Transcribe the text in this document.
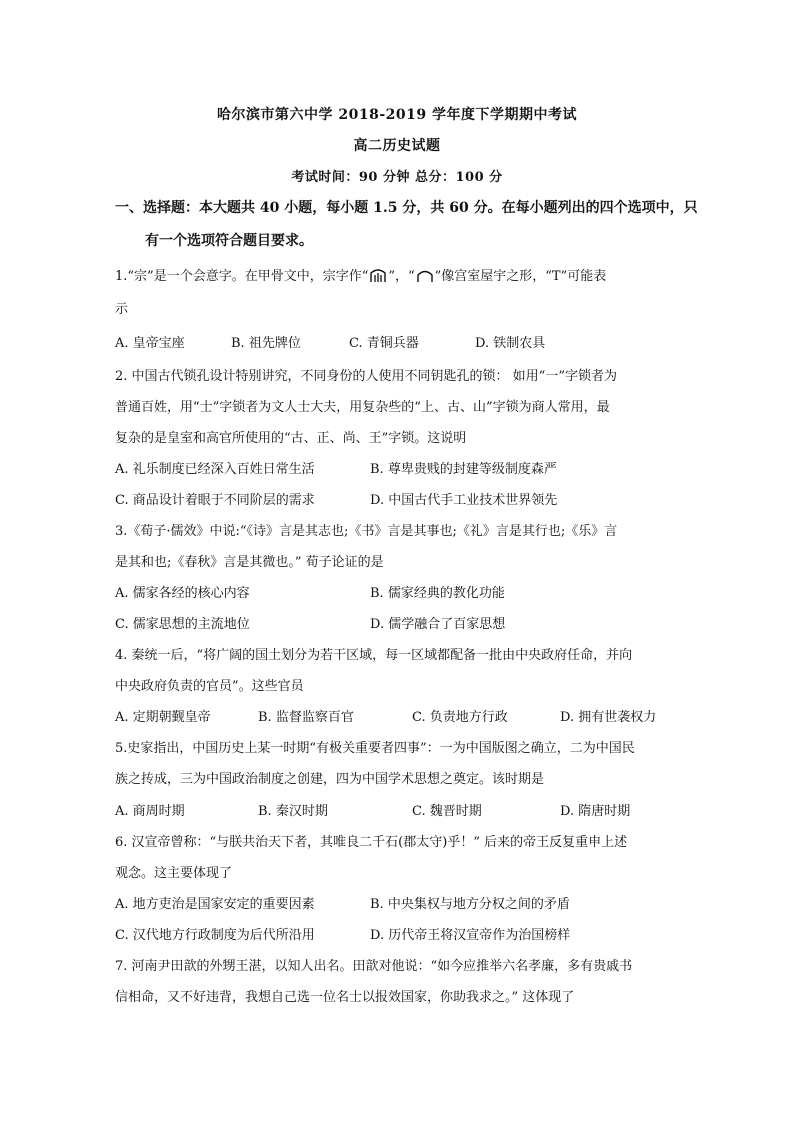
哈尔滨市第六中学 2018-2019 学年度下学期期中考试
高二历史试题
考试时间：90 分钟 总分：100 分
一、选择题：本大题共 40 小题，每小题 1.5 分，共 60 分。在每小题列出的四个选项中，只
有一个选项符合题目要求。
1.“宗”是一个会意字。在甲骨文中，宗字作“ ”，“ ”像宫室屋宇之形，“T”可能表
示
A. 皇帝宝座	B. 祖先牌位	C. 青铜兵器	D. 铁制农具
2. 中国古代锁孔设计特别讲究，不同身份的人使用不同钥匙孔的锁： 如用“一”字锁者为
普通百姓，用“士”字锁者为文人士大夫，用复杂些的“上、古、山”字锁为商人常用，最
复杂的是皇室和高官所使用的“古、正、尚、王”字锁。这说明
A. 礼乐制度已经深入百姓日常生活	B. 尊卑贵贱的封建等级制度森严
C. 商品设计着眼于不同阶层的需求	D. 中国古代手工业技术世界领先
3.《荀子·儒效》中说:“《诗》言是其志也;《书》言是其事也;《礼》言是其行也;《乐》言
是其和也;《春秋》言是其微也。” 荀子论证的是
A. 儒家各经的核心内容	B. 儒家经典的教化功能
C. 儒家思想的主流地位	D. 儒学融合了百家思想
4. 秦统一后，“将广阔的国土划分为若干区域，每一区域都配备一批由中央政府任命，并向
中央政府负责的官员”。这些官员
A. 定期朝觐皇帝	B. 监督监察百官	C. 负责地方行政	D. 拥有世袭权力
5.史家指出，中国历史上某一时期“有极关重要者四事”：一为中国版图之确立，二为中国民
族之抟成，三为中国政治制度之创建，四为中国学术思想之奠定。该时期是
A. 商周时期	B. 秦汉时期	C. 魏晋时期	D. 隋唐时期
6. 汉宣帝曾称：“与朕共治天下者，其唯良二千石(郡太守)乎！” 后来的帝王反复重申上述
观念。这主要体现了
A. 地方吏治是国家安定的重要因素	B. 中央集权与地方分权之间的矛盾
C. 汉代地方行政制度为后代所沿用	D. 历代帝王将汉宣帝作为治国榜样
7. 河南尹田歆的外甥王湛，以知人出名。田歆对他说：“如今应推举六名孝廉，多有贵戚书
信相命，又不好违背，我想自己选一位名士以报效国家，你助我求之。” 这体现了
